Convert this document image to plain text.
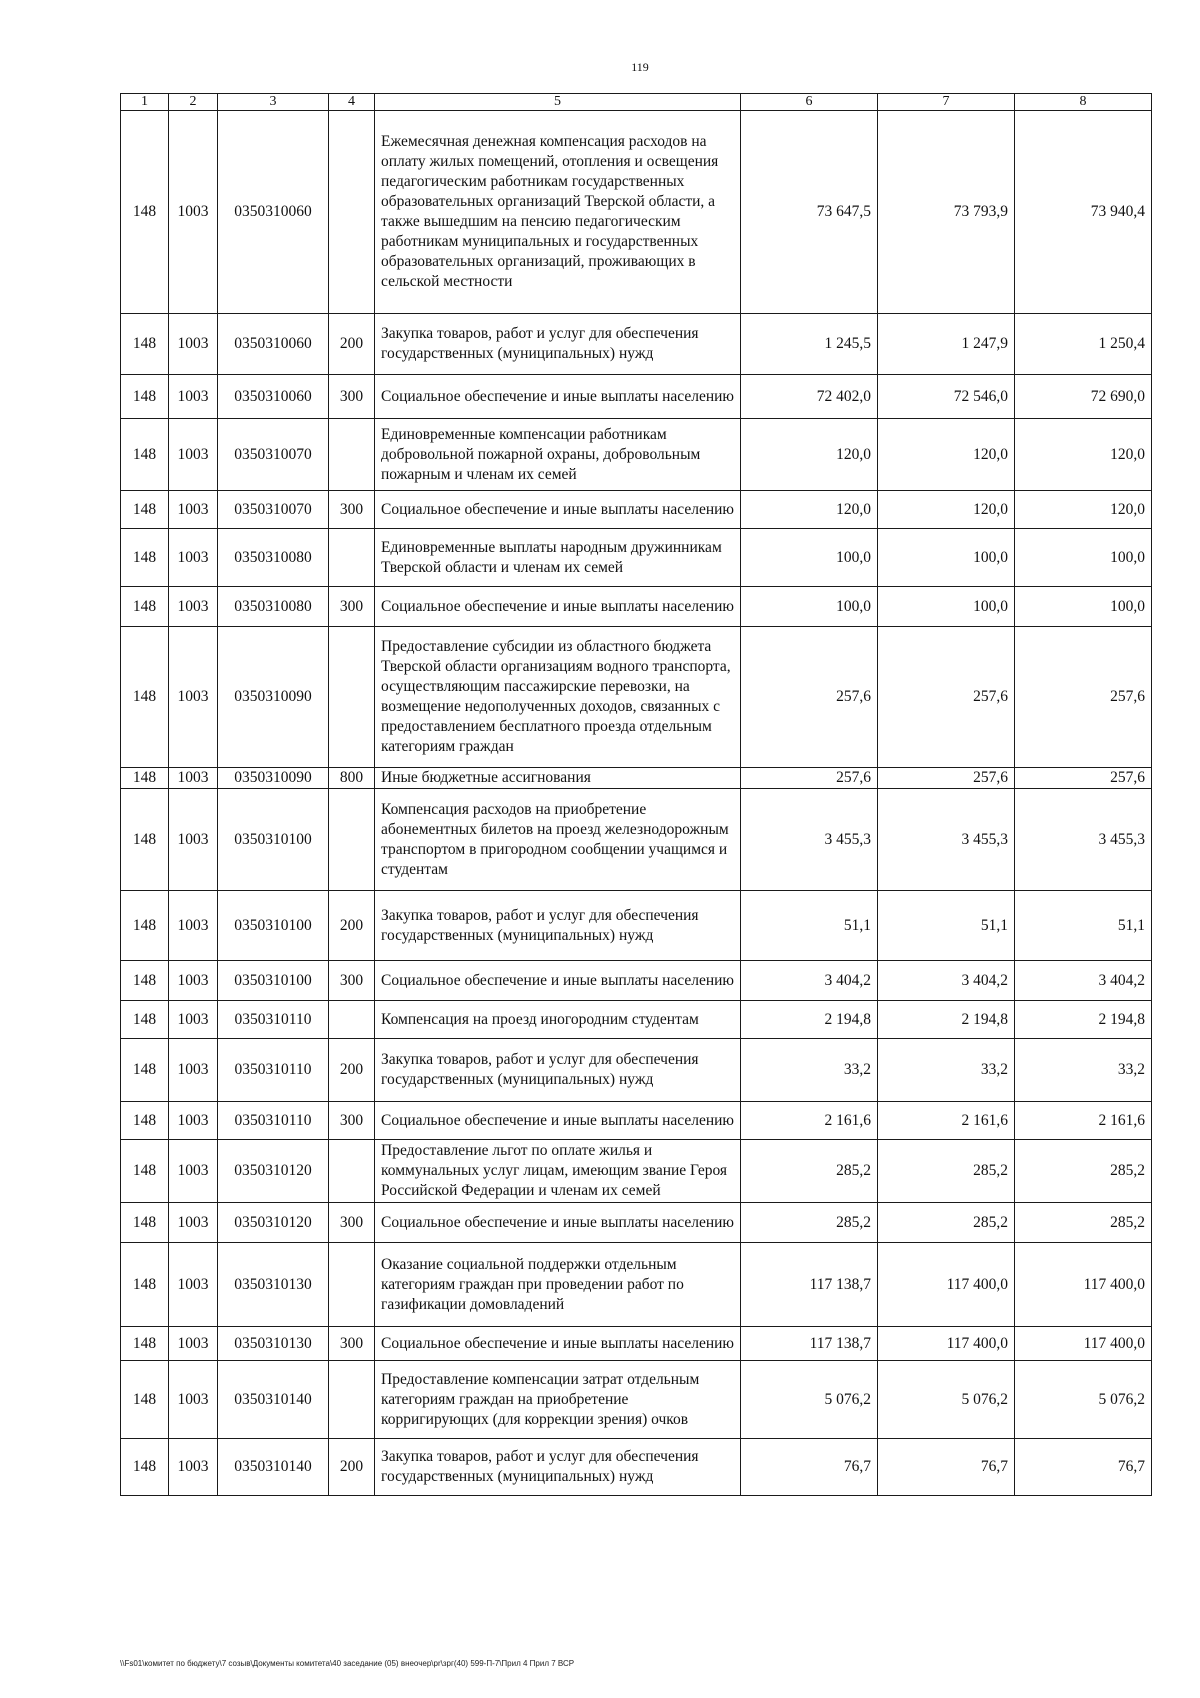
119
1	2	3	4	5	6	7	8
148	1003	0350310060		Ежемесячная денежная компенсация расходов на оплату жилых помещений, отопления и освещения педагогическим работникам государственных образовательных организаций Тверской области, а также вышедшим на пенсию педагогическим работникам муниципальных и государственных образовательных организаций, проживающих в сельской местности	73 647,5	73 793,9	73 940,4
148	1003	0350310060	200	Закупка товаров, работ и услуг для обеспечения государственных (муниципальных) нужд	1 245,5	1 247,9	1 250,4
148	1003	0350310060	300	Социальное обеспечение и иные выплаты населению	72 402,0	72 546,0	72 690,0
148	1003	0350310070		Единовременные компенсации работникам добровольной пожарной охраны, добровольным пожарным и членам их семей	120,0	120,0	120,0
148	1003	0350310070	300	Социальное обеспечение и иные выплаты населению	120,0	120,0	120,0
148	1003	0350310080		Единовременные выплаты народным дружинникам Тверской области и членам их семей	100,0	100,0	100,0
148	1003	0350310080	300	Социальное обеспечение и иные выплаты населению	100,0	100,0	100,0
148	1003	0350310090		Предоставление субсидии из областного бюджета Тверской области организациям водного транспорта, осуществляющим пассажирские перевозки, на возмещение недополученных доходов, связанных с предоставлением бесплатного проезда отдельным категориям граждан	257,6	257,6	257,6
148	1003	0350310090	800	Иные бюджетные ассигнования	257,6	257,6	257,6
148	1003	0350310100		Компенсация расходов на приобретение абонементных билетов на проезд железнодорожным транспортом в пригородном сообщении учащимся и студентам	3 455,3	3 455,3	3 455,3
148	1003	0350310100	200	Закупка товаров, работ и услуг для обеспечения государственных (муниципальных) нужд	51,1	51,1	51,1
148	1003	0350310100	300	Социальное обеспечение и иные выплаты населению	3 404,2	3 404,2	3 404,2
148	1003	0350310110		Компенсация на проезд иногородним студентам	2 194,8	2 194,8	2 194,8
148	1003	0350310110	200	Закупка товаров, работ и услуг для обеспечения государственных (муниципальных) нужд	33,2	33,2	33,2
148	1003	0350310110	300	Социальное обеспечение и иные выплаты населению	2 161,6	2 161,6	2 161,6
148	1003	0350310120		Предоставление льгот по оплате жилья и коммунальных услуг лицам, имеющим звание Героя Российской Федерации и членам их семей	285,2	285,2	285,2
148	1003	0350310120	300	Социальное обеспечение и иные выплаты населению	285,2	285,2	285,2
148	1003	0350310130		Оказание социальной поддержки отдельным категориям граждан при проведении работ по газификации домовладений	117 138,7	117 400,0	117 400,0
148	1003	0350310130	300	Социальное обеспечение и иные выплаты населению	117 138,7	117 400,0	117 400,0
148	1003	0350310140		Предоставление компенсации затрат отдельным категориям граждан на приобретение корригирующих (для коррекции зрения) очков	5 076,2	5 076,2	5 076,2
148	1003	0350310140	200	Закупка товаров, работ и услуг для обеспечения государственных (муниципальных) нужд	76,7	76,7	76,7
\\Fs01\комитет по бюджету\7 созыв\Документы комитета\40 заседание (05) внеочер\pr\зрг(40) 599-П-7\Прил 4 Прил 7 ВСР
